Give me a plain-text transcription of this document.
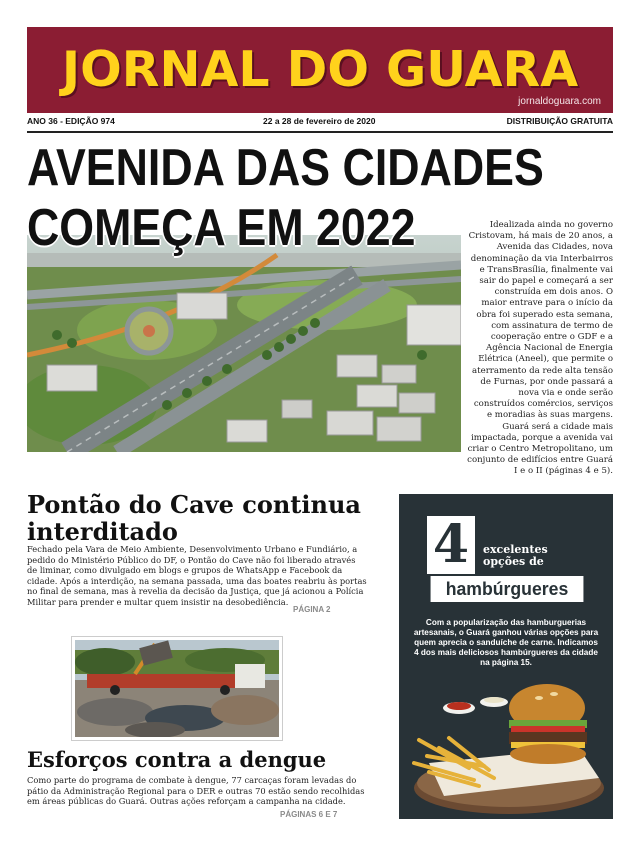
JORNAL DO GUARA
jornaldoguara.com
ANO 36 - EDIÇÃO 974	22 a 28 de fevereiro de 2020	DISTRIBUIÇÃO GRATUITA
AVENIDA DAS CIDADES
COMEÇA EM 2022	Idealizada ainda no governo Cristovam, há mais de 20 anos, a Avenida das Cidades, nova denominação da via Interbairros e TransBrasília, finalmente vai sair do papel e começará a ser construída em dois anos. O maior entrave para o início da obra foi superado esta semana, com assinatura de termo de cooperação entre o GDF e a Agência Nacional de Energia Elétrica (Aneel), que permite o aterramento da rede alta tensão de Furnas, por onde passará a nova via e onde serão construídos comércios, serviços e moradias às suas margens.

Guará será a cidade mais impactada, porque a avenida vai criar o Centro Metropolitano, um conjunto de edifícios entre Guará I e o II (páginas 4 e 5).

Pontão do Cave continua interditado
Fechado pela Vara de Meio Ambiente, Desenvolvimento Urbano e Fundiário, a pedido do Ministério Público do DF, o Pontão do Cave não foi liberado através de liminar, como divulgado em blogs e grupos de WhatsApp e Facebook da cidade. Após a interdição, na semana passada, uma das boates reabriu às portas no final de semana, mas à revelia da decisão da Justiça, que já acionou a Polícia Militar para prender e multar quem insistir na desobediência.
PÁGINA 2
Esforços contra a dengue
Como parte do programa de combate à dengue, 77 carcaças foram levadas do pátio da Administração Regional para o DER e outras 70 estão sendo recolhidas em áreas públicas do Guará. Outras ações reforçam a campanha na cidade.
PÁGINAS 6 E 7
4	excelentes
opções de
hambúrgueres
Com a popularização das hamburguerias artesanais, o Guará ganhou várias opções para quem aprecia o sanduíche de carne. Indicamos 4 dos mais deliciosos hambúrgueres da cidade na página 15.
